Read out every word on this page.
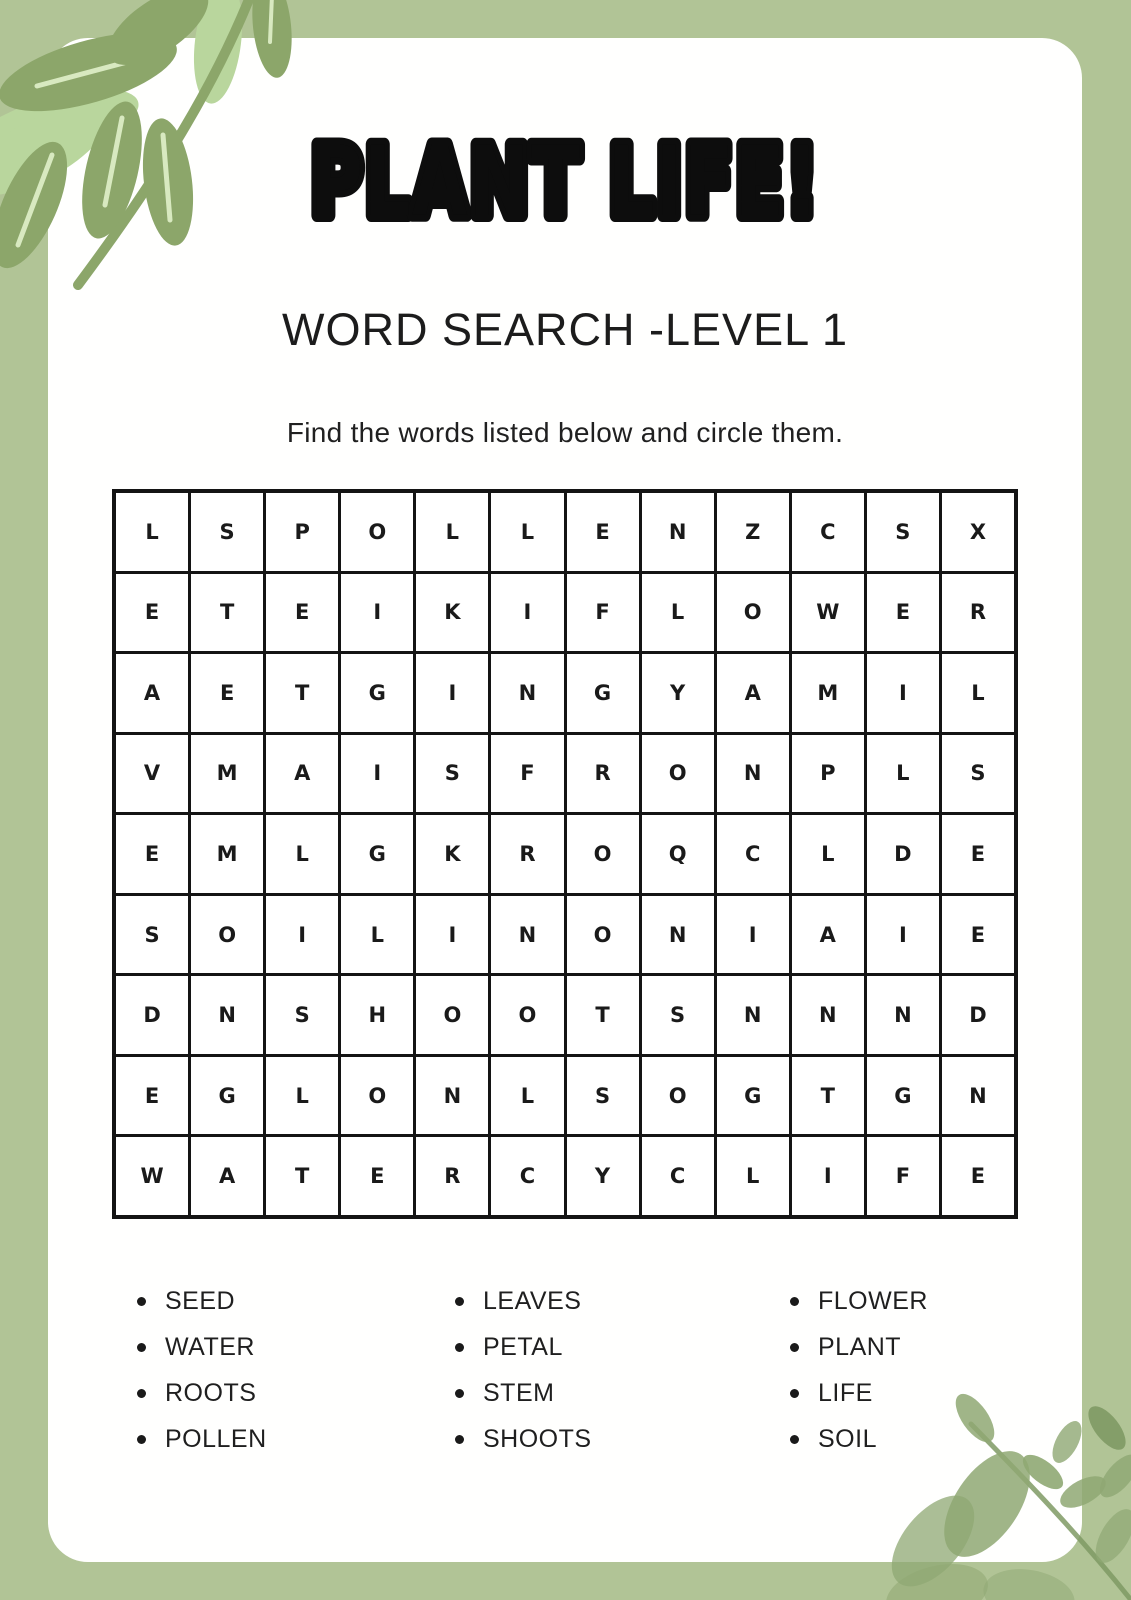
PLANT LIFE!
WORD SEARCH -LEVEL 1
Find the words listed below and circle them.
L	S	P	O	L	L	E	N	Z	C	S	X
E	T	E	I	K	I	F	L	O	W	E	R
A	E	T	G	I	N	G	Y	A	M	I	L
V	M	A	I	S	F	R	O	N	P	L	S
E	M	L	G	K	R	O	Q	C	L	D	E
S	O	I	L	I	N	O	N	I	A	I	E
D	N	S	H	O	O	T	S	N	N	N	D
E	G	L	O	N	L	S	O	G	T	G	N
W	A	T	E	R	C	Y	C	L	I	F	E
SEED
WATER
ROOTS
POLLEN
LEAVES
PETAL
STEM
SHOOTS
FLOWER
PLANT
LIFE
SOIL
